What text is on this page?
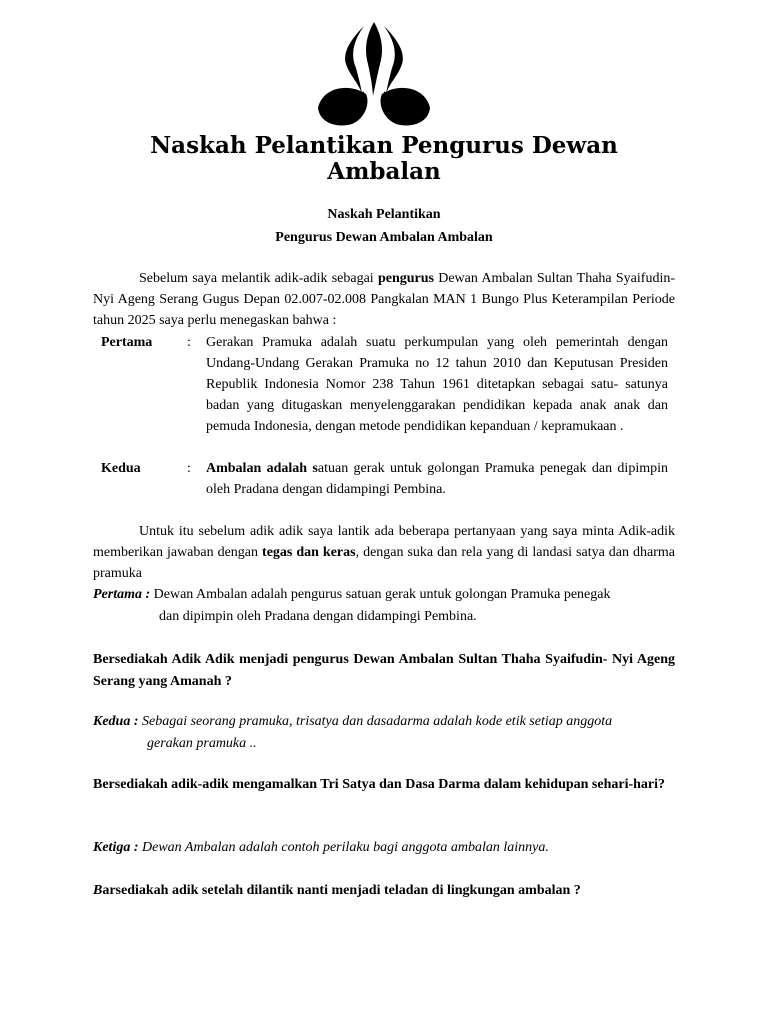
Naskah Pelantikan Pengurus Dewan Ambalan
Naskah Pelantikan
Pengurus Dewan Ambalan Ambalan
Sebelum saya melantik adik-adik sebagai pengurus Dewan Ambalan Sultan Thaha Syaifudin- Nyi Ageng Serang Gugus Depan 02.007-02.008 Pangkalan MAN 1 Bungo Plus Keterampilan Periode tahun 2025 saya perlu menegaskan bahwa :
Pertama : Gerakan Pramuka adalah suatu perkumpulan yang oleh pemerintah dengan Undang-Undang Gerakan Pramuka no 12 tahun 2010 dan Keputusan Presiden Republik Indonesia Nomor 238 Tahun 1961 ditetapkan sebagai satu- satunya badan yang ditugaskan menyelenggarakan pendidikan kepada anak anak dan pemuda Indonesia, dengan metode pendidikan kepanduan / kepramukaan .
Kedua	: Ambalan adalah satuan gerak untuk golongan Pramuka penegak dan dipimpin oleh Pradana dengan didampingi Pembina.
Untuk itu sebelum adik adik saya lantik ada beberapa pertanyaan yang saya minta Adik-adik memberikan jawaban dengan tegas dan keras, dengan suka dan rela yang di landasi satya dan dharma pramuka
Pertama : Dewan Ambalan adalah pengurus satuan gerak untuk golongan Pramuka penegak
dan dipimpin oleh Pradana dengan didampingi Pembina.
Bersediakah Adik Adik menjadi pengurus Dewan Ambalan Sultan Thaha Syaifudin- Nyi Ageng Serang yang Amanah ?
Kedua : Sebagai seorang pramuka, trisatya dan dasadarma adalah kode etik setiap anggota
gerakan pramuka ..
Bersediakah adik-adik mengamalkan Tri Satya dan Dasa Darma dalam kehidupan sehari-hari?
Ketiga : Dewan Ambalan adalah contoh perilaku bagi anggota ambalan lainnya.
Barsediakah adik setelah dilantik nanti menjadi teladan di lingkungan ambalan ?
